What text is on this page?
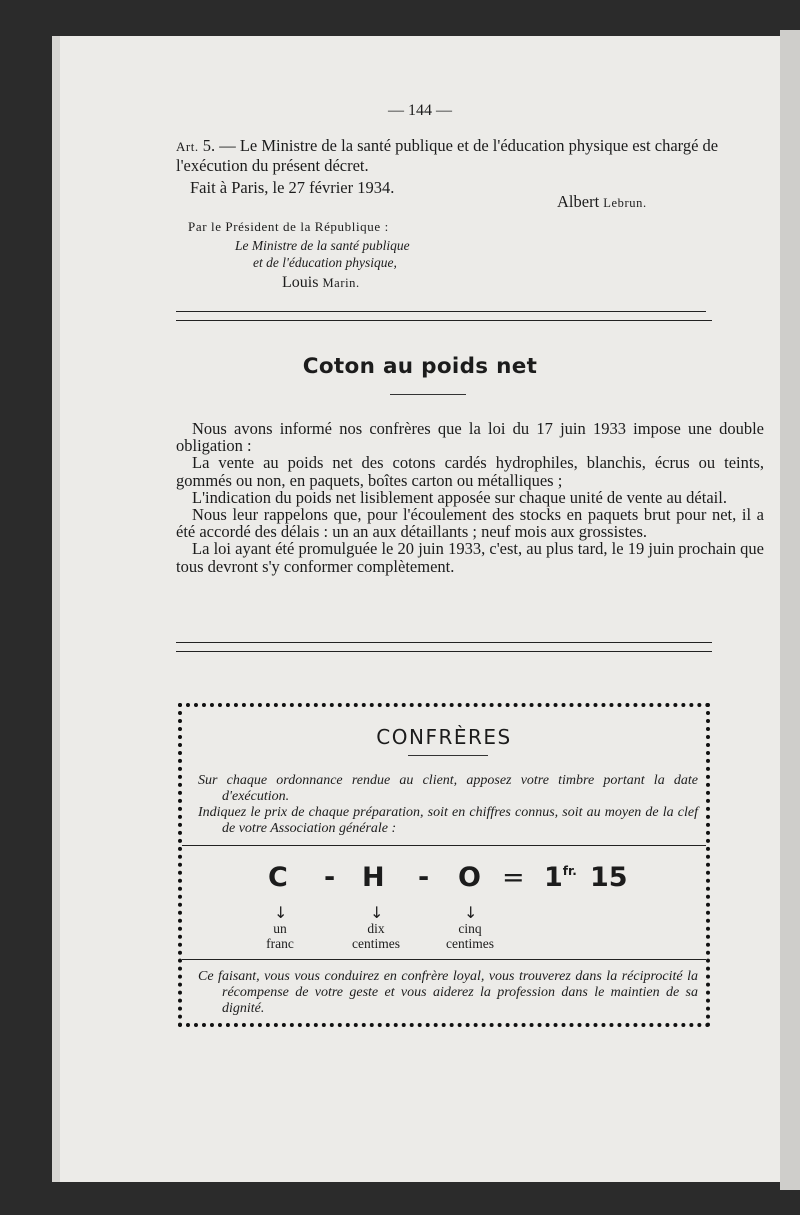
— 144 —
Art. 5. — Le Ministre de la santé publique et de l'éducation physique est chargé de l'exécution du présent décret.
Fait à Paris, le 27 février 1934.
Albert Lebrun.
Par le Président de la République :
Le Ministre de la santé publique
et de l'éducation physique,
Louis Marin.
Coton au poids net

Nous avons informé nos confrères que la loi du 17 juin 1933 impose une double obligation :

La vente au poids net des cotons cardés hydrophiles, blanchis, écrus ou teints, gommés ou non, en paquets, boîtes carton ou métalliques ;

L'indication du poids net lisiblement apposée sur chaque unité de vente au détail.

Nous leur rappelons que, pour l'écoulement des stocks en paquets brut pour net, il a été accordé des délais : un an aux détaillants ; neuf mois aux grossistes.

La loi ayant été promulguée le 20 juin 1933, c'est, au plus tard, le 19 juin prochain que tous devront s'y conformer complètement.

CONFRÈRES

Sur chaque ordonnance rendue au client, apposez votre timbre portant la date d'exécution.

Indiquez le prix de chaque préparation, soit en chiffres connus, soit au moyen de la clef de votre Association générale :

$C - H - O = 1^{fr.}$ 15
↓	↓	↓
un
franc
dix
centimes
cinq
centimes

Ce faisant, vous vous conduirez en confrère loyal, vous trouverez dans la réciprocité la récompense de votre geste et vous aiderez la profession dans le maintien de sa dignité.
